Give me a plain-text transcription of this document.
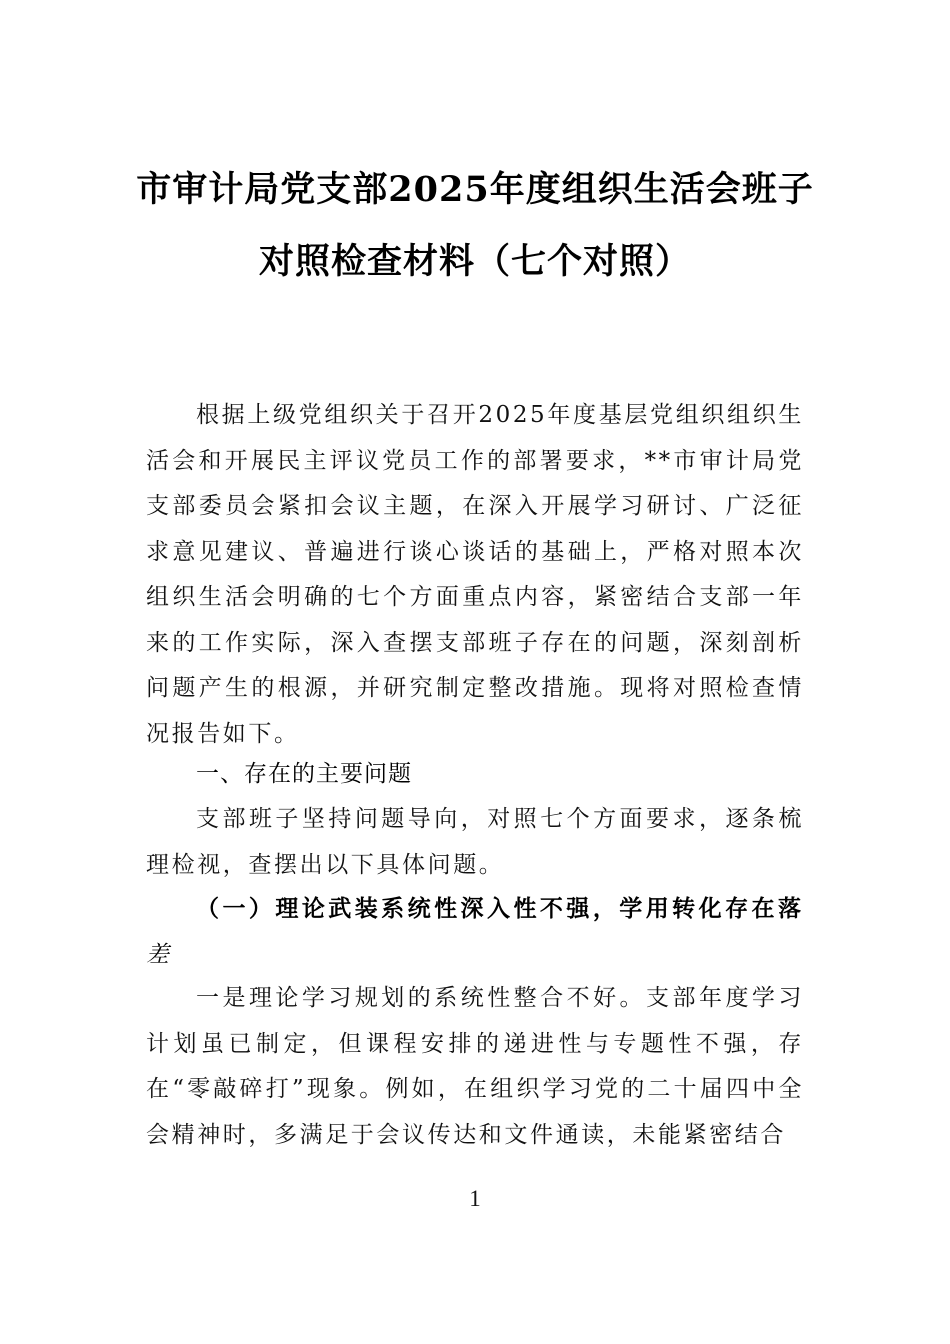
市审计局党支部2025年度组织生活会班子
对照检查材料（七个对照）

根据上级党组织关于召开2025年度基层党组织组织生活会和开展民主评议党员工作的部署要求，**市审计局党支部委员会紧扣会议主题，在深入开展学习研讨、广泛征求意见建议、普遍进行谈心谈话的基础上，严格对照本次组织生活会明确的七个方面重点内容，紧密结合支部一年来的工作实际，深入查摆支部班子存在的问题，深刻剖析问题产生的根源，并研究制定整改措施。现将对照检查情况报告如下。

一、存在的主要问题

支部班子坚持问题导向，对照七个方面要求，逐条梳理检视，查摆出以下具体问题。

（一）理论武装系统性深入性不强，学用转化存在落差

一是理论学习规划的系统性整合不好。支部年度学习计划虽已制定，但课程安排的递进性与专题性不强，存在“零敲碎打”现象。例如，在组织学习党的二十届四中全会精神时，多满足于会议传达和文件通读，未能紧密结合

1
